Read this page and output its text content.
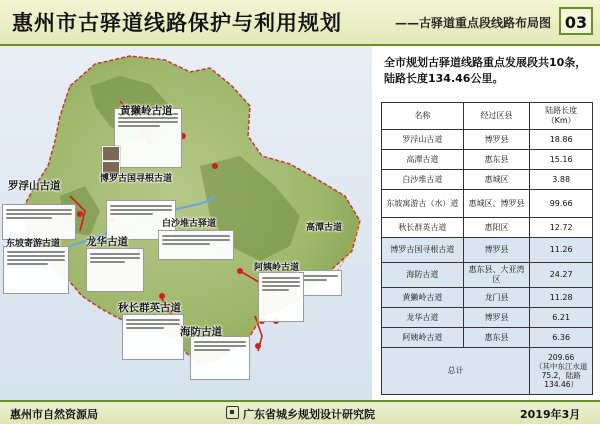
惠州市古驿道线路保护与利用规划	——古驿道重点段线路布局图 03
黄獭岭古道
罗浮山古道
博罗古国寻根古道
白沙堆古驿道
东坡寄游古道 龙华古道
高潭古道
阿姨岭古道
秋长群英古道
海防古道
全市规划古驿道线路重点发展段共10条，陆路长度134.46公里。
名称	经过区县	陆路长度
（Km）
罗浮山古道	博罗县	18.86
高潭古道	惠东县	15.16
白沙堆古道	惠城区	3.88
东坡寓游古（水）道	惠城区、博罗县	99.66
秋长群英古道	惠阳区	12.72
博罗古国寻根古道	博罗县	11.26
海防古道	惠东县、大亚湾区	24.27
黄獭岭古道	龙门县	11.28
龙华古道	博罗县	6.21
阿姨岭古道	惠东县	6.36
总计		209.66
（其中东江水道
75.2，陆路
134.46）
惠州市自然资源局	广东省城乡规划设计研究院	2019年3月
